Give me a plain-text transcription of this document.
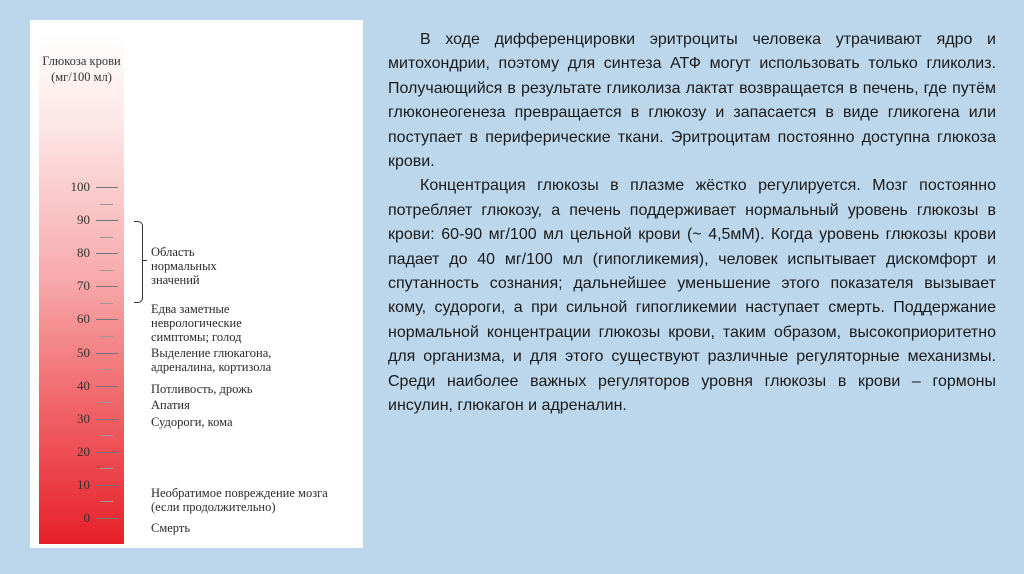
Глюкоза крови
(мг/100 мл)
100
90
80
70
60
50
40
30
20
10
0
Область
нормальных
значений
Едва заметные
неврологические
симптомы; голод
Выделение глюкагона,
адреналина, кортизола
Потливость, дрожь
Апатия
Судороги, кома
Необратимое повреждение мозга
(если продолжительно)
Смерть

В ходе дифференцировки эритроциты человека утрачивают ядро и митохондрии, поэтому для синтеза АТФ могут использовать только гликолиз. Получающийся в результате гликолиза лактат возвращается в печень, где путём глюконеогенеза превращается в глюкозу и запасается в виде гликогена или поступает в периферические ткани. Эритроцитам постоянно доступна глюкоза крови.

Концентрация глюкозы в плазме жёстко регулируется. Мозг постоянно потребляет глюкозу, а печень поддерживает нормальный уровень глюкозы в крови: 60-90 мг/100 мл цельной крови (~ 4,5мМ). Когда уровень глюкозы крови падает до 40 мг/100 мл (гипогликемия), человек испытывает дискомфорт и спутанность сознания; дальнейшее уменьшение этого показателя вызывает кому, судороги, а при сильной гипогликемии наступает смерть. Поддержание нормальной концентрации глюкозы крови, таким образом, высокоприоритетно для организма, и для этого существуют различные регуляторные механизмы. Среди наиболее важных регуляторов уровня глюкозы в крови – гормоны инсулин, глюкагон и адреналин.
